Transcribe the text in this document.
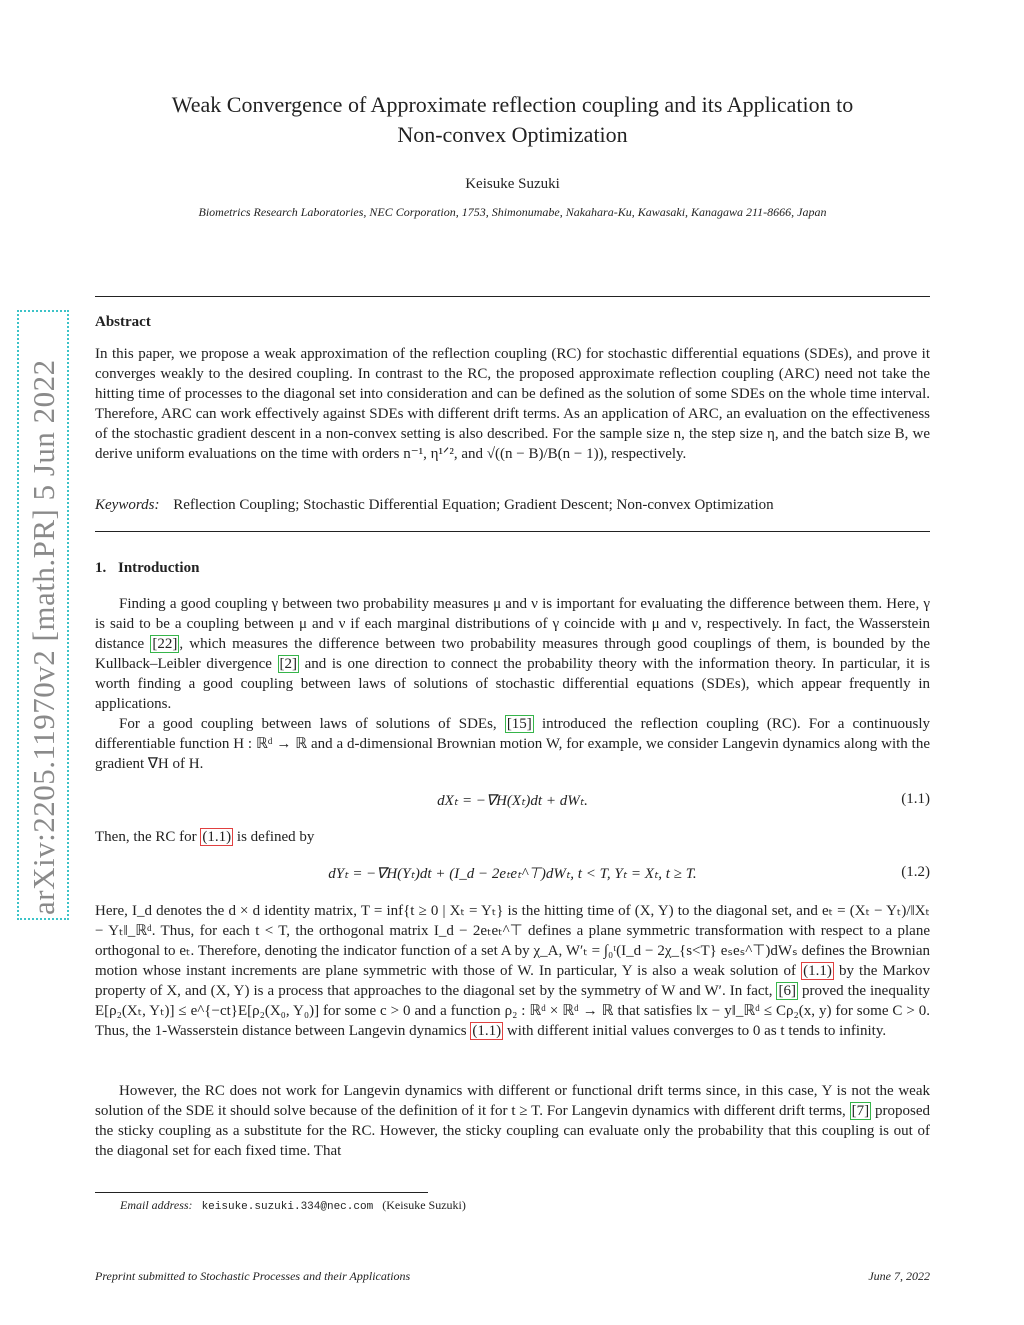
Weak Convergence of Approximate reflection coupling and its Application to
Non-convex Optimization
Keisuke Suzuki
Biometrics Research Laboratories, NEC Corporation, 1753, Shimonumabe, Nakahara-Ku, Kawasaki, Kanagawa 211-8666, Japan
arXiv:2205.11970v2 [math.PR] 5 Jun 2022
Abstract
In this paper, we propose a weak approximation of the reflection coupling (RC) for stochastic differential equations (SDEs), and prove it converges weakly to the desired coupling. In contrast to the RC, the proposed approximate reflection coupling (ARC) need not take the hitting time of processes to the diagonal set into consideration and can be defined as the solution of some SDEs on the whole time interval. Therefore, ARC can work effectively against SDEs with different drift terms. As an application of ARC, an evaluation on the effectiveness of the stochastic gradient descent in a non-convex setting is also described. For the sample size n, the step size η, and the batch size B, we derive uniform evaluations on the time with orders n⁻¹, η¹ᐟ², and √((n − B)/B(n − 1)), respectively.
Keywords: Reflection Coupling; Stochastic Differential Equation; Gradient Descent; Non-convex Optimization
1. Introduction
Finding a good coupling γ between two probability measures μ and ν is important for evaluating the difference between them. Here, γ is said to be a coupling between μ and ν if each marginal distributions of γ coincide with μ and ν, respectively. In fact, the Wasserstein distance [22] , which measures the difference between two probability measures through good couplings of them, is bounded by the Kullback–Leibler divergence [2] and is one direction to connect the probability theory with the information theory. In particular, it is worth finding a good coupling between laws of solutions of stochastic differential equations (SDEs), which appear frequently in applications.
For a good coupling between laws of solutions of SDEs, [15] introduced the reflection coupling (RC). For a continuously differentiable function H : ℝᵈ → ℝ and a d-dimensional Brownian motion W, for example, we consider Langevin dynamics along with the gradient ∇H of H.
dXₜ = −∇H(Xₜ)dt + dWₜ.	(1.1)
Then, the RC for (1.1) is defined by
dYₜ = −∇H(Yₜ)dt + (I_d − 2eₜeₜ^⊤)dWₜ, t < T, Yₜ = Xₜ, t ≥ T.	(1.2)
Here, I_d denotes the d × d identity matrix, T = inf{t ≥ 0 | Xₜ = Yₜ} is the hitting time of (X, Y) to the diagonal set, and eₜ = (Xₜ − Yₜ)/‖Xₜ − Yₜ‖_ℝᵈ. Thus, for each t < T, the orthogonal matrix I_d − 2eₜeₜ^⊤ defines a plane symmetric transformation with respect to a plane orthogonal to eₜ. Therefore, denoting the indicator function of a set A by χ_A, W′ₜ = ∫₀ᵗ(I_d − 2χ_{s<T} eₛeₛ^⊤)dWₛ defines the Brownian motion whose instant increments are plane symmetric with those of W. In particular, Y is also a weak solution of (1.1) by the Markov property of X, and (X, Y) is a process that approaches to the diagonal set by the symmetry of W and W′. In fact, [6] proved the inequality E[ρ₂(Xₜ, Yₜ)] ≤ e^{−ct}E[ρ₂(X₀, Y₀)] for some c > 0 and a function ρ₂ : ℝᵈ × ℝᵈ → ℝ that satisfies ‖x − y‖_ℝᵈ ≤ Cρ₂(x, y) for some C > 0. Thus, the 1-Wasserstein distance between Langevin dynamics (1.1) with different initial values converges to 0 as t tends to infinity.
However, the RC does not work for Langevin dynamics with different or functional drift terms since, in this case, Y is not the weak solution of the SDE it should solve because of the definition of it for t ≥ T. For Langevin dynamics with different drift terms, [7] proposed the sticky coupling as a substitute for the RC. However, the sticky coupling can evaluate only the probability that this coupling is out of the diagonal set for each fixed time. That
Email address: keisuke.suzuki.334@nec.com (Keisuke Suzuki)
Preprint submitted to Stochastic Processes and their Applications	June 7, 2022
